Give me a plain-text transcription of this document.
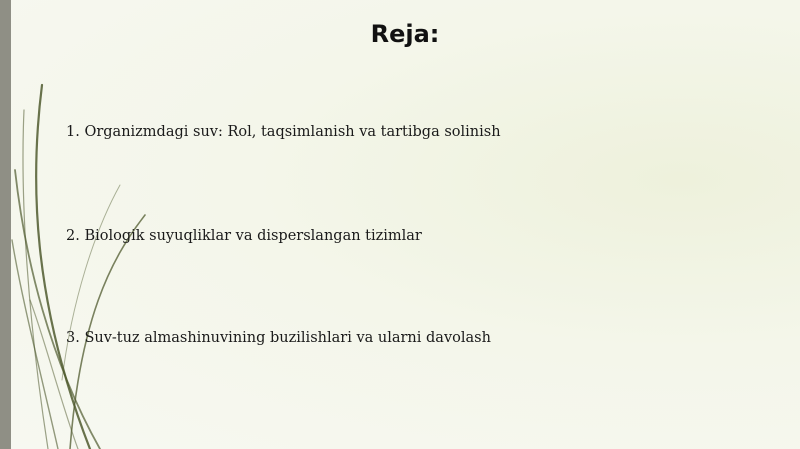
Reja:
1. Organizmdagi suv: Rol, taqsimlanish va tartibga solinish
2. Biologik suyuqliklar va disperslangan tizimlar
3. Suv-tuz almashinuvining buzilishlari va ularni davolash
